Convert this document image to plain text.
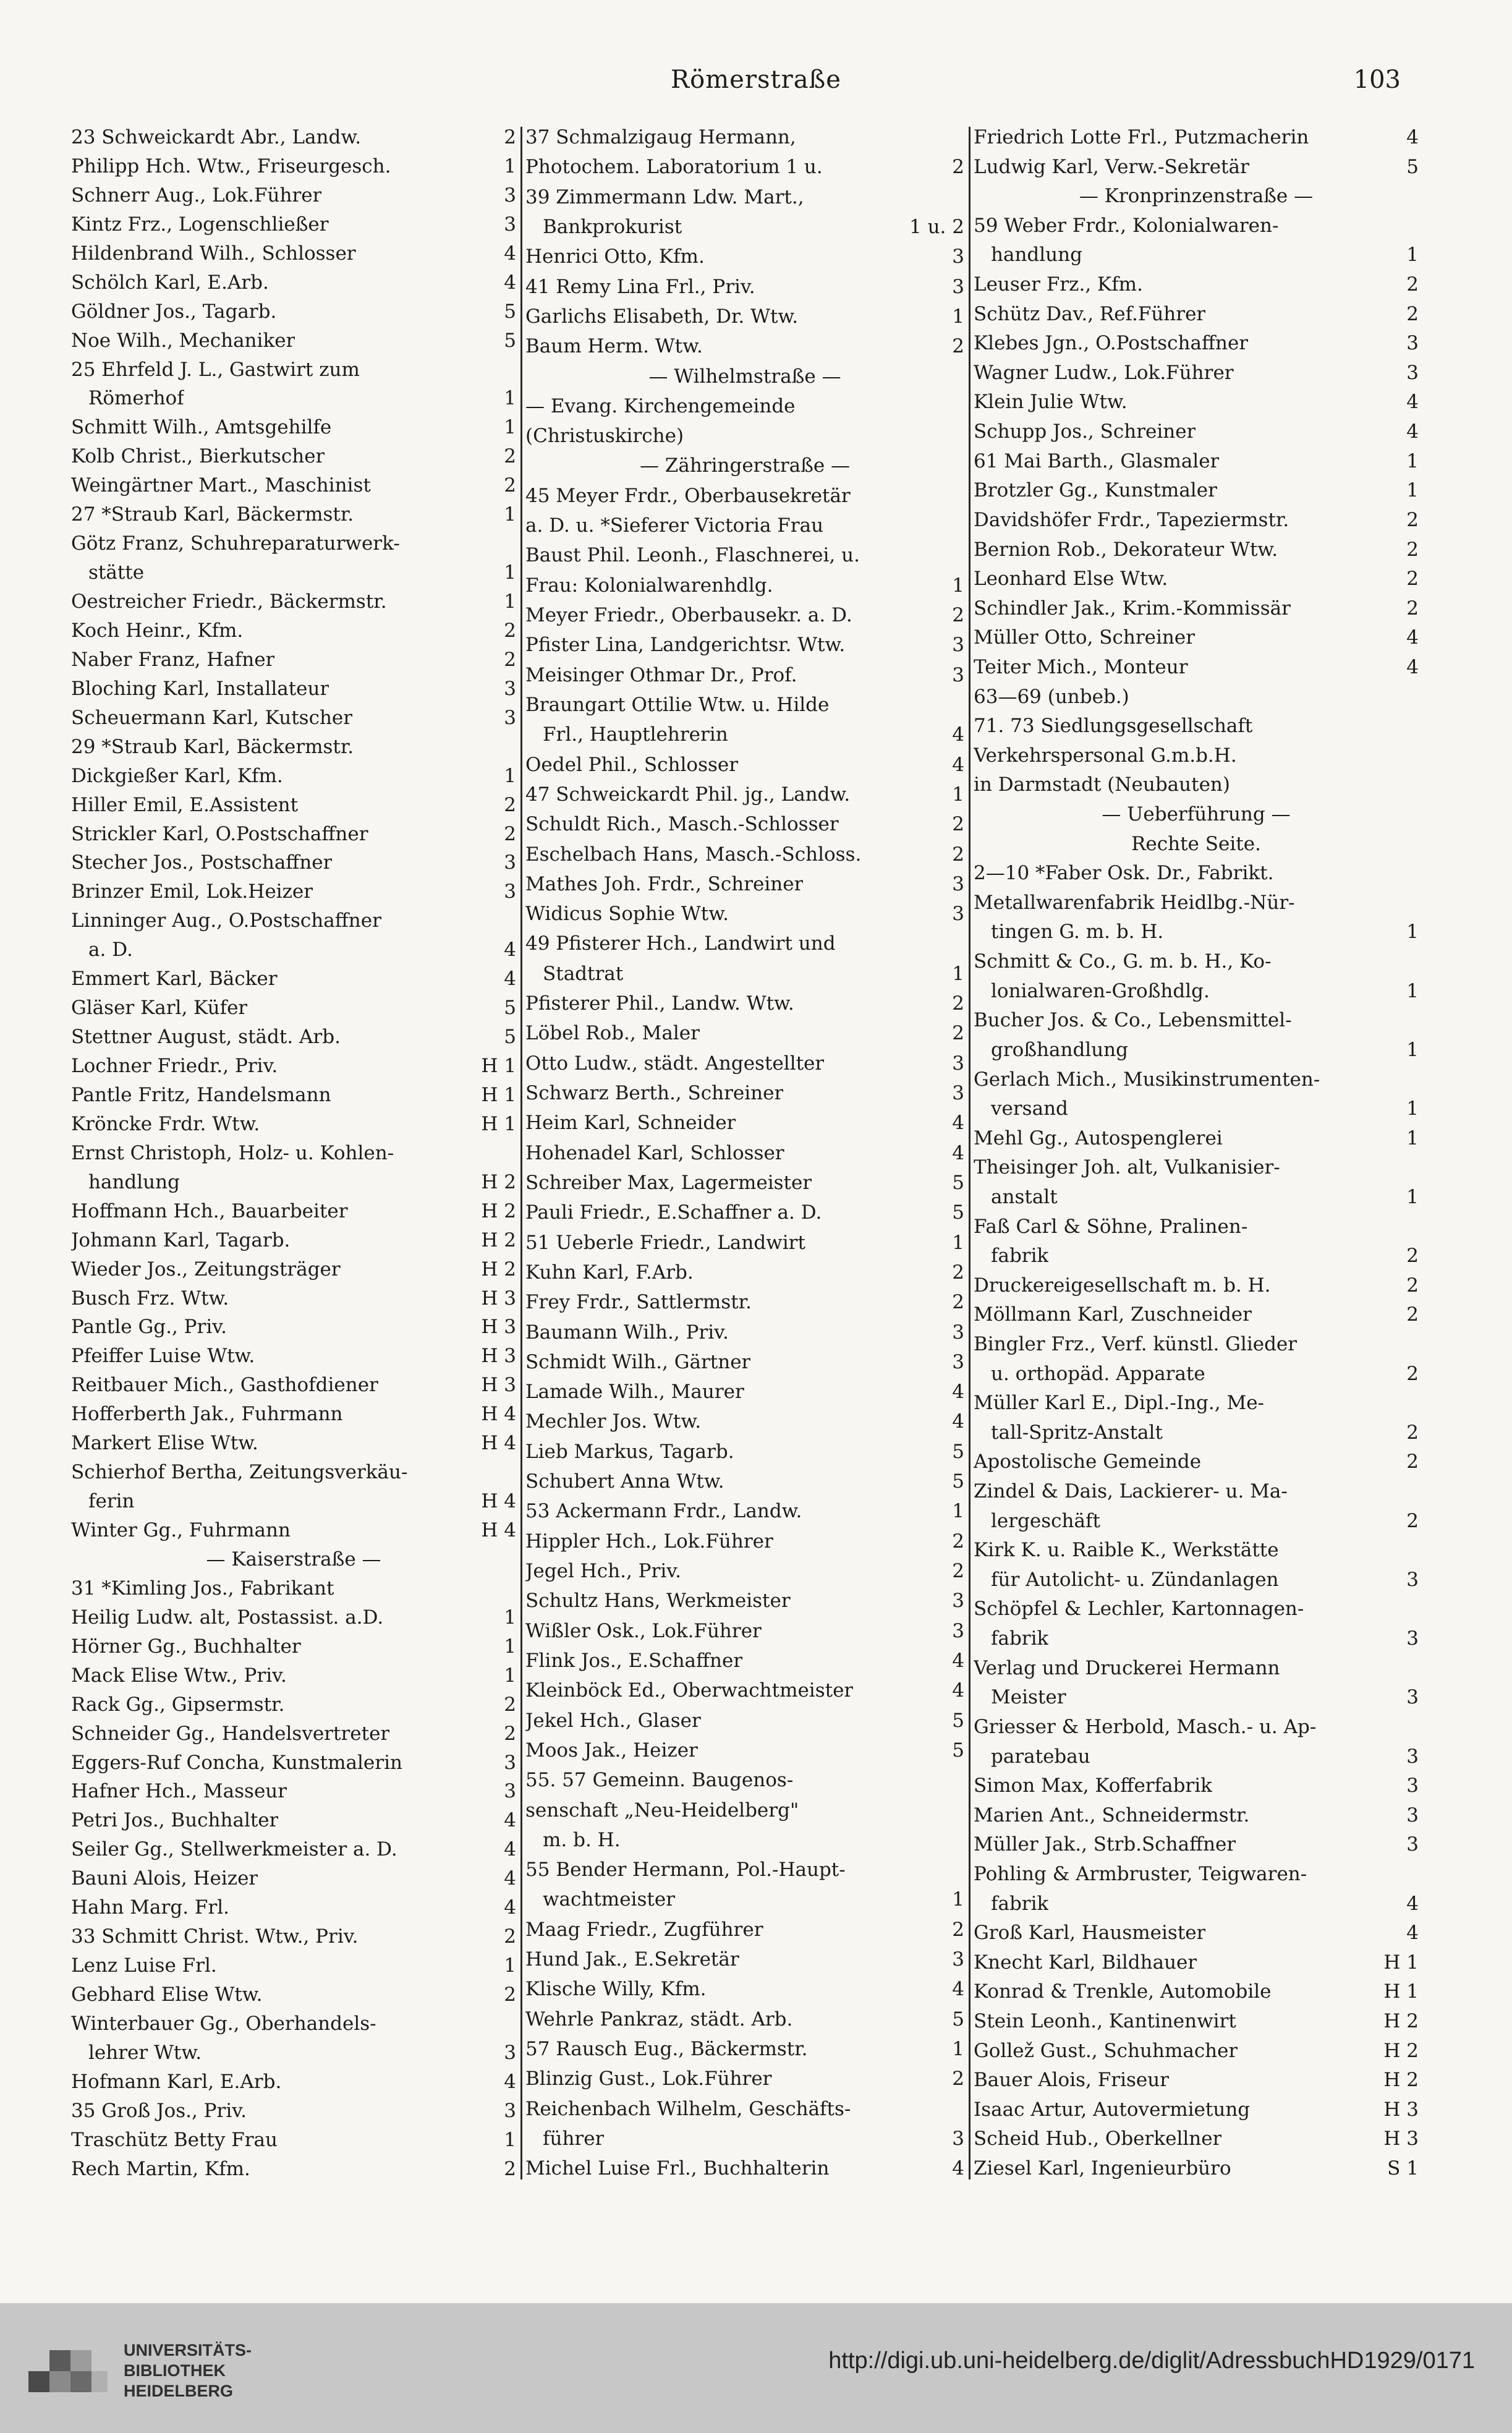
Römerstraße	103
23 Schweickardt Abr., Landw.	2
Philipp Hch. Wtw., Friseurgesch.	1
Schnerr Aug., Lok.Führer	3
Kintz Frz., Logenschließer	3
Hildenbrand Wilh., Schlosser	4
Schölch Karl, E.Arb.	4
Göldner Jos., Tagarb.	5
Noe Wilh., Mechaniker	5
25 Ehrfeld J. L., Gastwirt zum
Römerhof	1
Schmitt Wilh., Amtsgehilfe	1
Kolb Christ., Bierkutscher	2
Weingärtner Mart., Maschinist	2
27 *Straub Karl, Bäckermstr.	1
Götz Franz, Schuhreparaturwerk-
stätte	1
Oestreicher Friedr., Bäckermstr.	1
Koch Heinr., Kfm.	2
Naber Franz, Hafner	2
Bloching Karl, Installateur	3
Scheuermann Karl, Kutscher	3
29 *Straub Karl, Bäckermstr.
Dickgießer Karl, Kfm.	1
Hiller Emil, E.Assistent	2
Strickler Karl, O.Postschaffner	2
Stecher Jos., Postschaffner	3
Brinzer Emil, Lok.Heizer	3
Linninger Aug., O.Postschaffner
a. D.	4
Emmert Karl, Bäcker	4
Gläser Karl, Küfer	5
Stettner August, städt. Arb.	5
Lochner Friedr., Priv.	H 1
Pantle Fritz, Handelsmann	H 1
Kröncke Frdr. Wtw.	H 1
Ernst Christoph, Holz- u. Kohlen-
handlung	H 2
Hoffmann Hch., Bauarbeiter	H 2
Johmann Karl, Tagarb.	H 2
Wieder Jos., Zeitungsträger	H 2
Busch Frz. Wtw.	H 3
Pantle Gg., Priv.	H 3
Pfeiffer Luise Wtw.	H 3
Reitbauer Mich., Gasthofdiener	H 3
Hofferberth Jak., Fuhrmann	H 4
Markert Elise Wtw.	H 4
Schierhof Bertha, Zeitungsverkäu-
ferin	H 4
Winter Gg., Fuhrmann	H 4
— Kaiserstraße —
31 *Kimling Jos., Fabrikant
Heilig Ludw. alt, Postassist. a.D.	1
Hörner Gg., Buchhalter	1
Mack Elise Wtw., Priv.	1
Rack Gg., Gipsermstr.	2
Schneider Gg., Handelsvertreter	2
Eggers-Ruf Concha, Kunstmalerin	3
Hafner Hch., Masseur	3
Petri Jos., Buchhalter	4
Seiler Gg., Stellwerkmeister a. D.	4
Bauni Alois, Heizer	4
Hahn Marg. Frl.	4
33 Schmitt Christ. Wtw., Priv.	2
Lenz Luise Frl.	1
Gebhard Elise Wtw.	2
Winterbauer Gg., Oberhandels-
lehrer Wtw.	3
Hofmann Karl, E.Arb.	4
35 Groß Jos., Priv.	3
Traschütz Betty Frau	1
Rech Martin, Kfm.	2
37 Schmalzigaug Hermann,
Photochem. Laboratorium 1 u.	2
39 Zimmermann Ldw. Mart.,
Bankprokurist	1 u. 2
Henrici Otto, Kfm.	3
41 Remy Lina Frl., Priv.	3
Garlichs Elisabeth, Dr. Wtw.	1
Baum Herm. Wtw.	2
— Wilhelmstraße —
— Evang. Kirchengemeinde
(Christuskirche)
— Zähringerstraße —
45 Meyer Frdr., Oberbausekretär
a. D. u. *Sieferer Victoria Frau
Baust Phil. Leonh., Flaschnerei, u.
Frau: Kolonialwarenhdlg.	1
Meyer Friedr., Oberbausekr. a. D.	2
Pfister Lina, Landgerichtsr. Wtw.	3
Meisinger Othmar Dr., Prof.	3
Braungart Ottilie Wtw. u. Hilde
Frl., Hauptlehrerin	4
Oedel Phil., Schlosser	4
47 Schweickardt Phil. jg., Landw.	1
Schuldt Rich., Masch.-Schlosser	2
Eschelbach Hans, Masch.-Schloss.	2
Mathes Joh. Frdr., Schreiner	3
Widicus Sophie Wtw.	3
49 Pfisterer Hch., Landwirt und
Stadtrat	1
Pfisterer Phil., Landw. Wtw.	2
Löbel Rob., Maler	2
Otto Ludw., städt. Angestellter	3
Schwarz Berth., Schreiner	3
Heim Karl, Schneider	4
Hohenadel Karl, Schlosser	4
Schreiber Max, Lagermeister	5
Pauli Friedr., E.Schaffner a. D.	5
51 Ueberle Friedr., Landwirt	1
Kuhn Karl, F.Arb.	2
Frey Frdr., Sattlermstr.	2
Baumann Wilh., Priv.	3
Schmidt Wilh., Gärtner	3
Lamade Wilh., Maurer	4
Mechler Jos. Wtw.	4
Lieb Markus, Tagarb.	5
Schubert Anna Wtw.	5
53 Ackermann Frdr., Landw.	1
Hippler Hch., Lok.Führer	2
Jegel Hch., Priv.	2
Schultz Hans, Werkmeister	3
Wißler Osk., Lok.Führer	3
Flink Jos., E.Schaffner	4
Kleinböck Ed., Oberwachtmeister	4
Jekel Hch., Glaser	5
Moos Jak., Heizer	5
55. 57 Gemeinn. Baugenos-
senschaft „Neu-Heidelberg"
m. b. H.
55 Bender Hermann, Pol.-Haupt-
wachtmeister	1
Maag Friedr., Zugführer	2
Hund Jak., E.Sekretär	3
Klische Willy, Kfm.	4
Wehrle Pankraz, städt. Arb.	5
57 Rausch Eug., Bäckermstr.	1
Blinzig Gust., Lok.Führer	2
Reichenbach Wilhelm, Geschäfts-
führer	3
Michel Luise Frl., Buchhalterin	4
Friedrich Lotte Frl., Putzmacherin	4
Ludwig Karl, Verw.-Sekretär	5
— Kronprinzenstraße —
59 Weber Frdr., Kolonialwaren-
handlung	1
Leuser Frz., Kfm.	2
Schütz Dav., Ref.Führer	2
Klebes Jgn., O.Postschaffner	3
Wagner Ludw., Lok.Führer	3
Klein Julie Wtw.	4
Schupp Jos., Schreiner	4
61 Mai Barth., Glasmaler	1
Brotzler Gg., Kunstmaler	1
Davidshöfer Frdr., Tapeziermstr.	2
Bernion Rob., Dekorateur Wtw.	2
Leonhard Else Wtw.	2
Schindler Jak., Krim.-Kommissär	2
Müller Otto, Schreiner	4
Teiter Mich., Monteur	4
63—69 (unbeb.)
71. 73 Siedlungsgesellschaft
Verkehrspersonal G.m.b.H.
in Darmstadt (Neubauten)
— Ueberführung —
Rechte Seite.
2—10 *Faber Osk. Dr., Fabrikt.
Metallwarenfabrik Heidlbg.-Nür-
tingen G. m. b. H.	1
Schmitt & Co., G. m. b. H., Ko-
lonialwaren-Großhdlg.	1
Bucher Jos. & Co., Lebensmittel-
großhandlung	1
Gerlach Mich., Musikinstrumenten-
versand	1
Mehl Gg., Autospenglerei	1
Theisinger Joh. alt, Vulkanisier-
anstalt	1
Faß Carl & Söhne, Pralinen-
fabrik	2
Druckereigesellschaft m. b. H.	2
Möllmann Karl, Zuschneider	2
Bingler Frz., Verf. künstl. Glieder
u. orthopäd. Apparate	2
Müller Karl E., Dipl.-Ing., Me-
tall-Spritz-Anstalt	2
Apostolische Gemeinde	2
Zindel & Dais, Lackierer- u. Ma-
lergeschäft	2
Kirk K. u. Raible K., Werkstätte
für Autolicht- u. Zündanlagen	3
Schöpfel & Lechler, Kartonnagen-
fabrik	3
Verlag und Druckerei Hermann
Meister	3
Griesser & Herbold, Masch.- u. Ap-
paratebau	3
Simon Max, Kofferfabrik	3
Marien Ant., Schneidermstr.	3
Müller Jak., Strb.Schaffner	3
Pohling & Armbruster, Teigwaren-
fabrik	4
Groß Karl, Hausmeister	4
Knecht Karl, Bildhauer	H 1
Konrad & Trenkle, Automobile	H 1
Stein Leonh., Kantinenwirt	H 2
Gollež Gust., Schuhmacher	H 2
Bauer Alois, Friseur	H 2
Isaac Artur, Autovermietung	H 3
Scheid Hub., Oberkellner	H 3
Ziesel Karl, Ingenieurbüro	S 1
UNIVERSITÄTS-
BIBLIOTHEK
HEIDELBERG
http://digi.ub.uni-heidelberg.de/diglit/AdressbuchHD1929/0171
